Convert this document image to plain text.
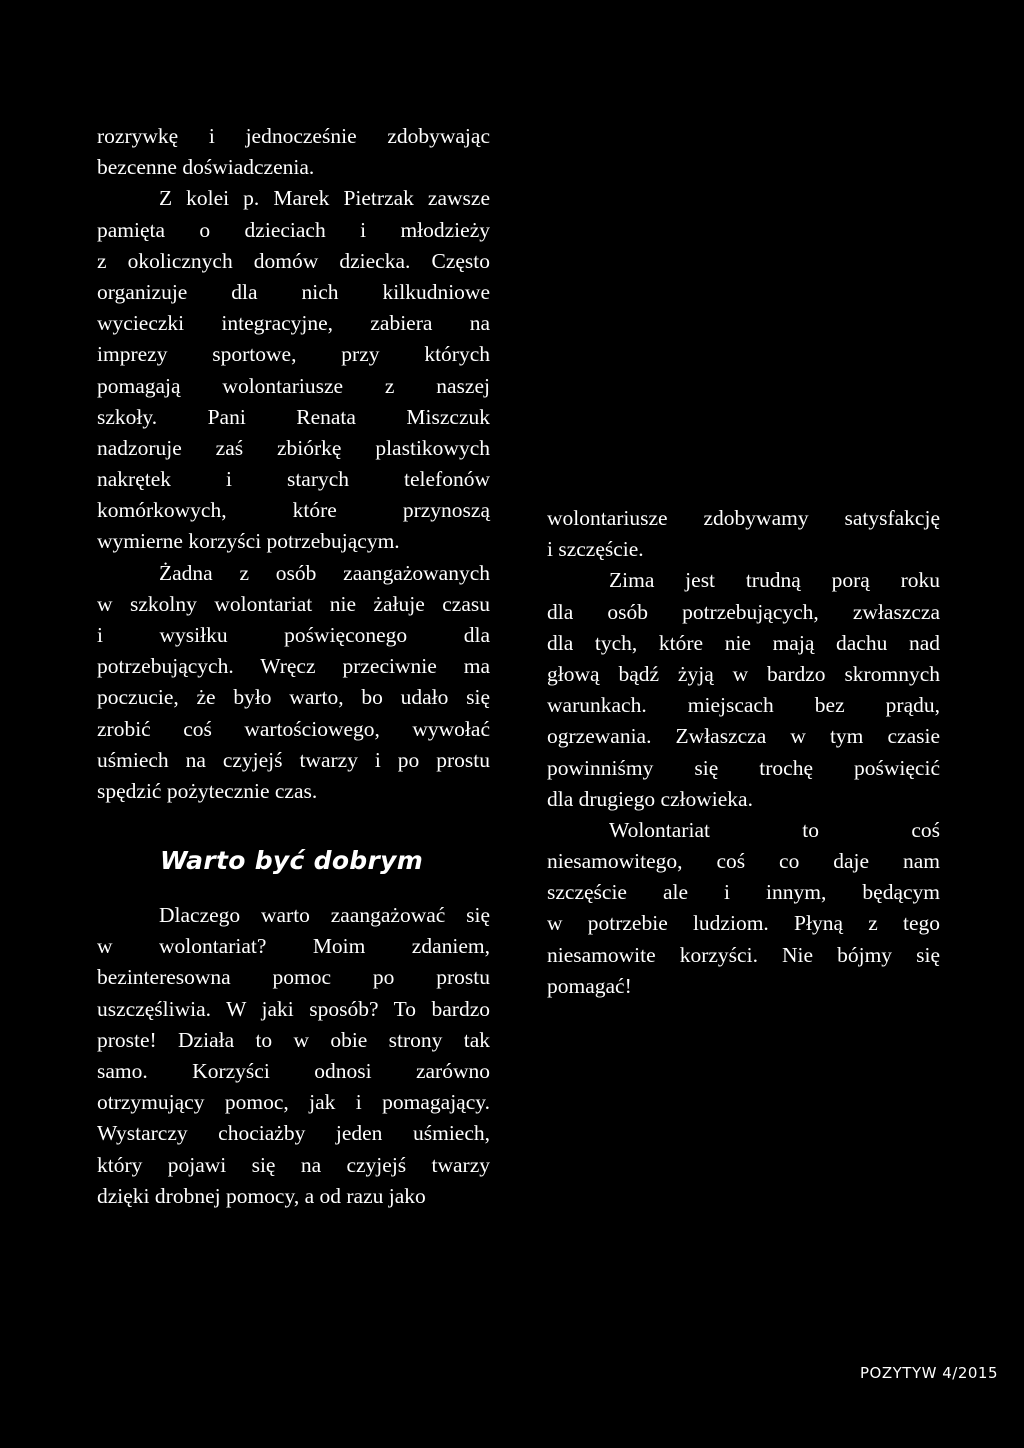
rozrywkę i jednocześnie zdobywając
bezcenne doświadczenia.
Z kolei p. Marek Pietrzak zawsze
pamięta o dzieciach i młodzieży
z okolicznych domów dziecka. Często
organizuje dla nich kilkudniowe
wycieczki integracyjne, zabiera na
imprezy sportowe, przy których
pomagają wolontariusze z naszej
szkoły. Pani Renata Miszczuk
nadzoruje zaś zbiórkę plastikowych
nakrętek i starych telefonów
komórkowych, które przynoszą
wymierne korzyści potrzebującym.
Żadna z osób zaangażowanych
w szkolny wolontariat nie żałuje czasu
i wysiłku poświęconego dla
potrzebujących. Wręcz przeciwnie ma
poczucie, że było warto, bo udało się
zrobić coś wartościowego, wywołać
uśmiech na czyjejś twarzy i po prostu
spędzić pożytecznie czas.
Warto być dobrym
Dlaczego warto zaangażować się
w wolontariat? Moim zdaniem,
bezinteresowna pomoc po prostu
uszczęśliwia. W jaki sposób? To bardzo
proste! Działa to w obie strony tak
samo. Korzyści odnosi zarówno
otrzymujący pomoc, jak i pomagający.
Wystarczy chociażby jeden uśmiech,
który pojawi się na czyjejś twarzy
dzięki drobnej pomocy, a od razu jako
wolontariusze zdobywamy satysfakcję
i szczęście.
Zima jest trudną porą roku
dla osób potrzebujących, zwłaszcza
dla tych, które nie mają dachu nad
głową bądź żyją w bardzo skromnych
warunkach. miejscach bez prądu,
ogrzewania. Zwłaszcza w tym czasie
powinniśmy się trochę poświęcić
dla drugiego człowieka.
Wolontariat to coś
niesamowitego, coś co daje nam
szczęście ale i innym, będącym
w potrzebie ludziom. Płyną z tego
niesamowite korzyści. Nie bójmy się
pomagać!
POZYTYW 4/2015
